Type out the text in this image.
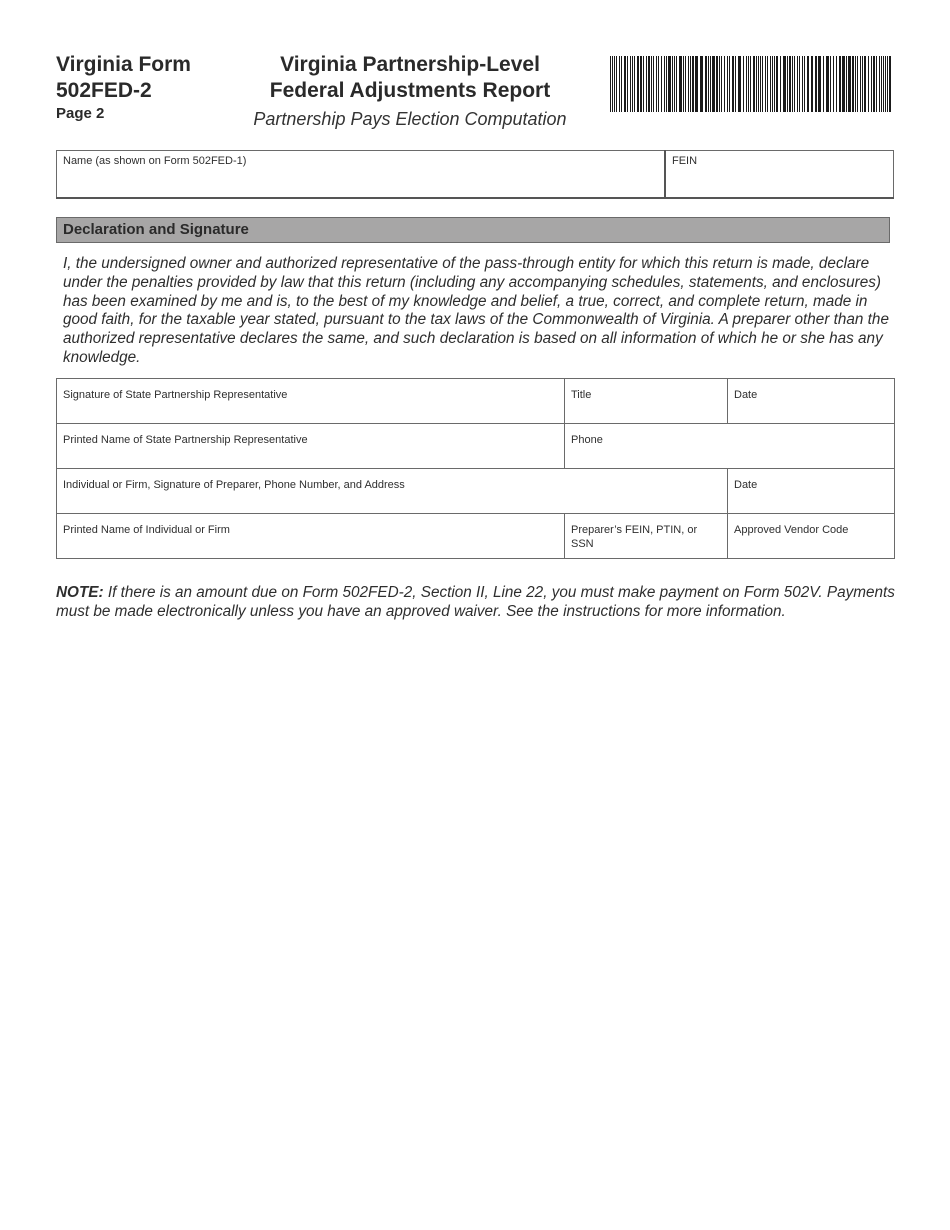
Virginia Form
502FED-2
Page 2
Virginia Partnership-Level
Federal Adjustments Report
Partnership Pays Election Computation
Name (as shown on Form 502FED-1)	FEIN
Declaration and Signature
I, the undersigned owner and authorized representative of the pass-through entity for which this return is made, declare under the penalties provided by law that this return (including any accompanying schedules, statements, and enclosures) has been examined by me and is, to the best of my knowledge and belief, a true, correct, and complete return, made in good faith, for the taxable year stated, pursuant to the tax laws of the Commonwealth of Virginia. A preparer other than the authorized representative declares the same, and such declaration is based on all information of which he or she has any knowledge.
Signature of State Partnership Representative	Title	Date
Printed Name of State Partnership Representative	Phone	
Individual or Firm, Signature of Preparer, Phone Number, and Address		Date
Printed Name of Individual or Firm	Preparer’s FEIN, PTIN, or SSN	Approved Vendor Code
NOTE: If there is an amount due on Form 502FED-2, Section II, Line 22, you must make payment on Form 502V. Payments must be made electronically unless you have an approved waiver. See the instructions for more information.
